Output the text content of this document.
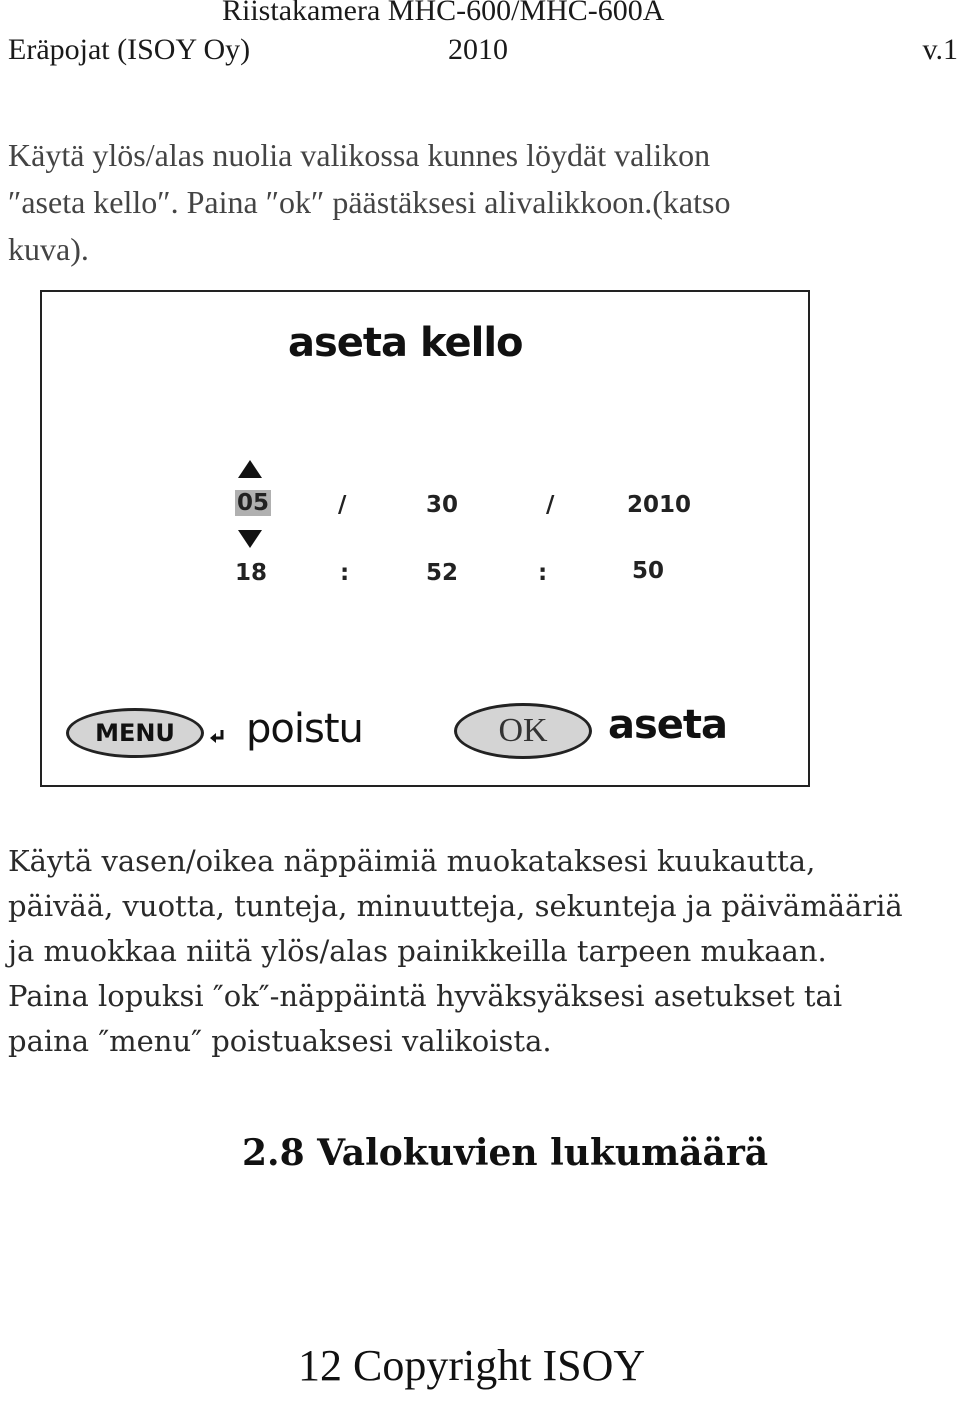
Riistakamera MHC-600/MHC-600A
Eräpojat (ISOY Oy)	2010	v.1

Käytä ylös/alas nuolia valikossa kunnes löydät valikon
″aseta kello″. Paina ″ok″ päästäksesi alivalikkoon.(katso
kuva).

aseta kello
05	/	30	/	2010
18	:	52	:	50
MENU	poistu	OK	aseta

Käytä vasen/oikea näppäimiä muokataksesi kuukautta,
päivää, vuotta, tunteja, minuutteja, sekunteja ja päivämääriä
ja muokkaa niitä ylös/alas painikkeilla tarpeen mukaan.
Paina lopuksi ″ok″-näppäintä hyväksyäksesi asetukset tai
paina ″menu″ poistuaksesi valikoista.

2.8 Valokuvien lukumäärä
12 Copyright ISOY
